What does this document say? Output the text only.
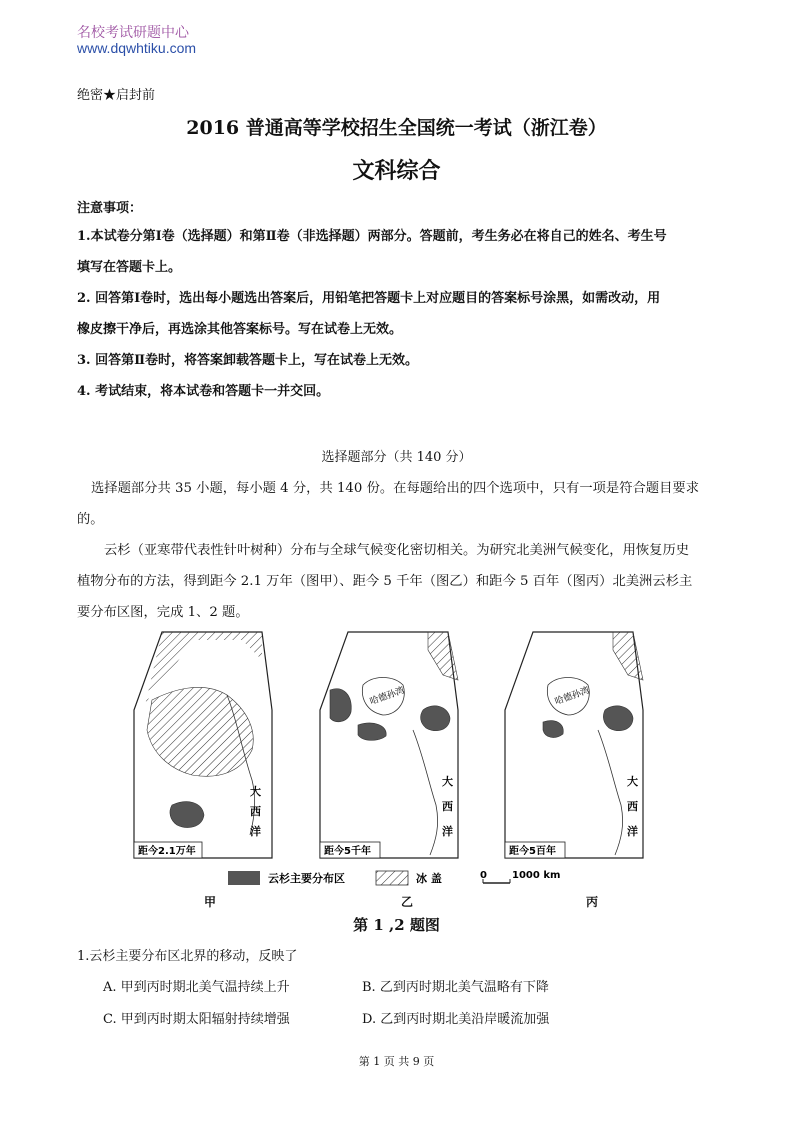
名校考试研题中心
www.dqwhtiku.com
绝密★启封前
2016 普通高等学校招生全国统一考试（浙江卷）
文科综合
注意事项：
1.本试卷分第Ⅰ卷（选择题）和第Ⅱ卷（非选择题）两部分。答题前，考生务必在将自己的姓名、考生号
填写在答题卡上。
2. 回答第Ⅰ卷时，选出每小题选出答案后，用铅笔把答题卡上对应题目的答案标号涂黑，如需改动，用
橡皮擦干净后，再选涂其他答案标号。写在试卷上无效。
3. 回答第Ⅱ卷时，将答案卸载答题卡上，写在试卷上无效。
4. 考试结束，将本试卷和答题卡一并交回。
选择题部分（共 140 分）
选择题部分共 35 小题，每小题 4 分，共 140 份。在每题给出的四个选项中，只有一项是符合题目要求
的。
云杉（亚寒带代表性针叶树种）分布与全球气候变化密切相关。为研究北美洲气候变化，用恢复历史
植物分布的方法，得到距今 2.1 万年（图甲）、距今 5 千年（图乙）和距今 5 百年（图丙）北美洲云杉主
要分布区图，完成 1、2 题。
距今2.1万年
大
西
洋
距今5千年
哈德孙湾
大
西
洋
距今5百年
哈德孙湾
大
西
洋
云杉主要分布区	冰 盖	0	1000 km
甲	乙	丙
第 1 ,2 题图
1.云杉主要分布区北界的移动，反映了
A. 甲到丙时期北美气温持续上升	B. 乙到丙时期北美气温略有下降
C. 甲到丙时期太阳辐射持续增强	D. 乙到丙时期北美沿岸暖流加强
第 1 页 共 9 页
